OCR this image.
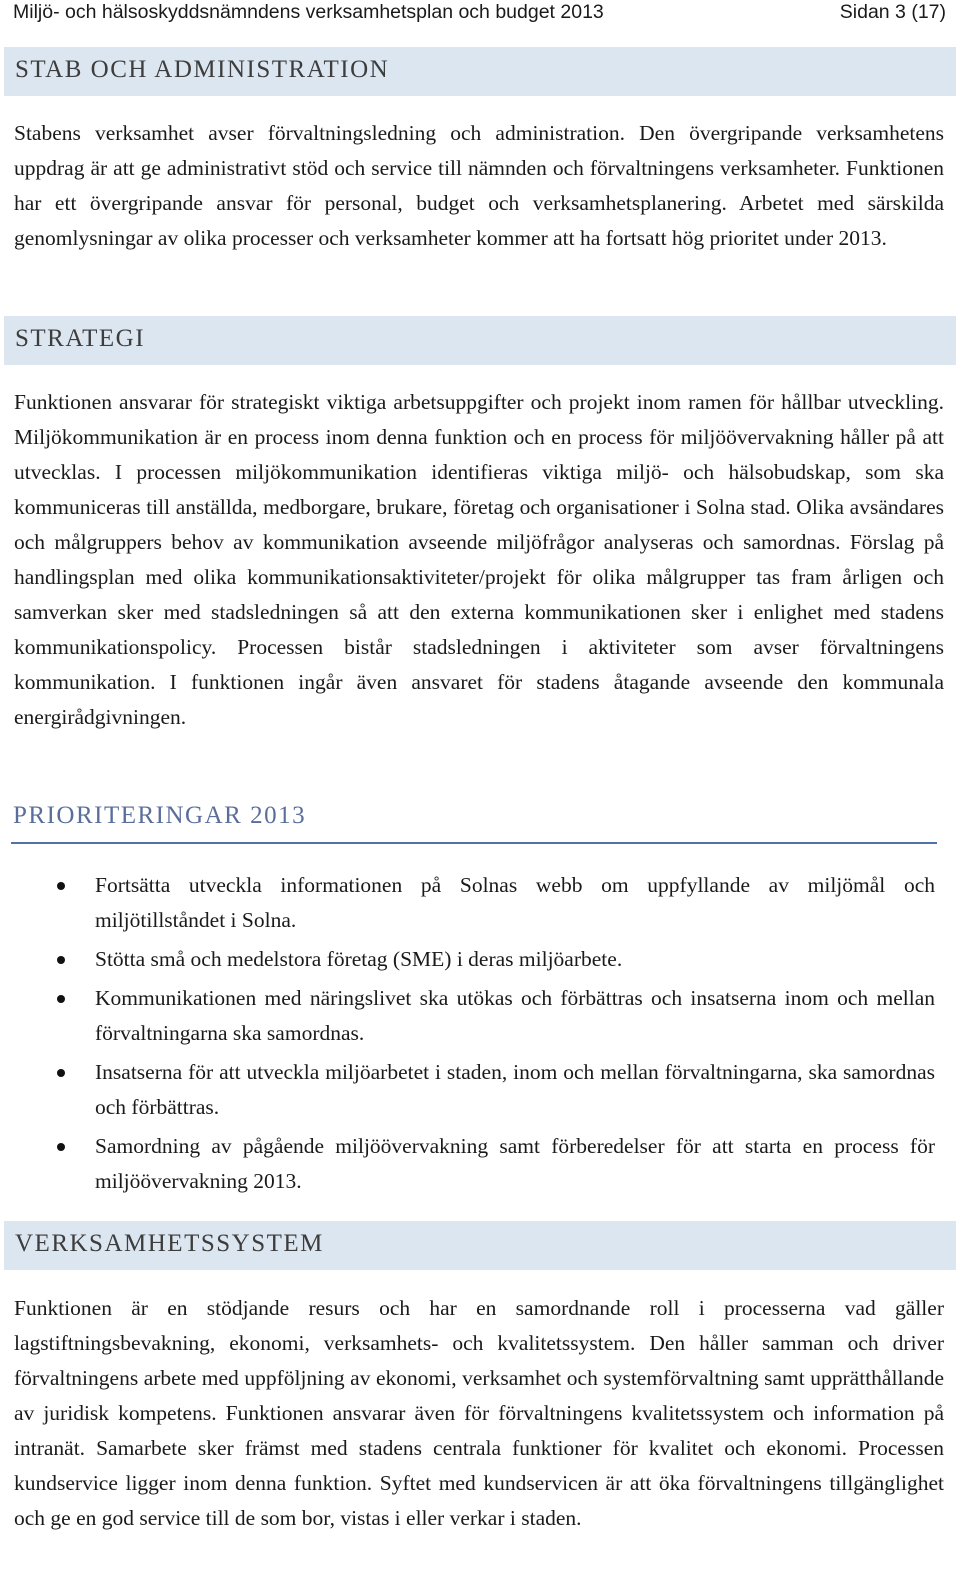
Miljö- och hälsoskyddsnämndens verksamhetsplan och budget 2013	Sidan 3 (17)
STAB OCH ADMINISTRATION

Stabens verksamhet avser förvaltningsledning och administration. Den övergripande verksamhetens uppdrag är att ge administrativt stöd och service till nämnden och förvaltningens verksamheter. Funktionen har ett övergripande ansvar för personal, budget och verksamhetsplanering. Arbetet med särskilda genomlysningar av olika processer och verksamheter kommer att ha fortsatt hög prioritet under 2013.

STRATEGI

Funktionen ansvarar för strategiskt viktiga arbetsuppgifter och projekt inom ramen för hållbar utveckling. Miljökommunikation är en process inom denna funktion och en process för miljöövervakning håller på att utvecklas. I processen miljökommunikation identifieras viktiga miljö- och hälsobudskap, som ska kommuniceras till anställda, medborgare, brukare, företag och organisationer i Solna stad. Olika avsändares och målgruppers behov av kommunikation avseende miljöfrågor analyseras och samordnas. Förslag på handlingsplan med olika kommunikationsaktiviteter/projekt för olika målgrupper tas fram årligen och samverkan sker med stadsledningen så att den externa kommunikationen sker i enlighet med stadens kommunikationspolicy. Processen bistår stadsledningen i aktiviteter som avser förvaltningens kommunikation. I funktionen ingår även ansvaret för stadens åtagande avseende den kommunala energirådgivningen.

PRIORITERINGAR 2013
Fortsätta utveckla informationen på Solnas webb om uppfyllande av miljömål och miljötillståndet i Solna.
Stötta små och medelstora företag (SME) i deras miljöarbete.
Kommunikationen med näringslivet ska utökas och förbättras och insatserna inom och mellan förvaltningarna ska samordnas.
Insatserna för att utveckla miljöarbetet i staden, inom och mellan förvaltningarna, ska samordnas och förbättras.
Samordning av pågående miljöövervakning samt förberedelser för att starta en process för miljöövervakning 2013.
VERKSAMHETSSYSTEM

Funktionen är en stödjande resurs och har en samordnande roll i processerna vad gäller lagstiftningsbevakning, ekonomi, verksamhets- och kvalitetssystem. Den håller samman och driver förvaltningens arbete med uppföljning av ekonomi, verksamhet och systemförvaltning samt upprätthållande av juridisk kompetens. Funktionen ansvarar även för förvaltningens kvalitetssystem och information på intranät. Samarbete sker främst med stadens centrala funktioner för kvalitet och ekonomi. Processen kundservice ligger inom denna funktion. Syftet med kundservicen är att öka förvaltningens tillgänglighet och ge en god service till de som bor, vistas i eller verkar i staden.
